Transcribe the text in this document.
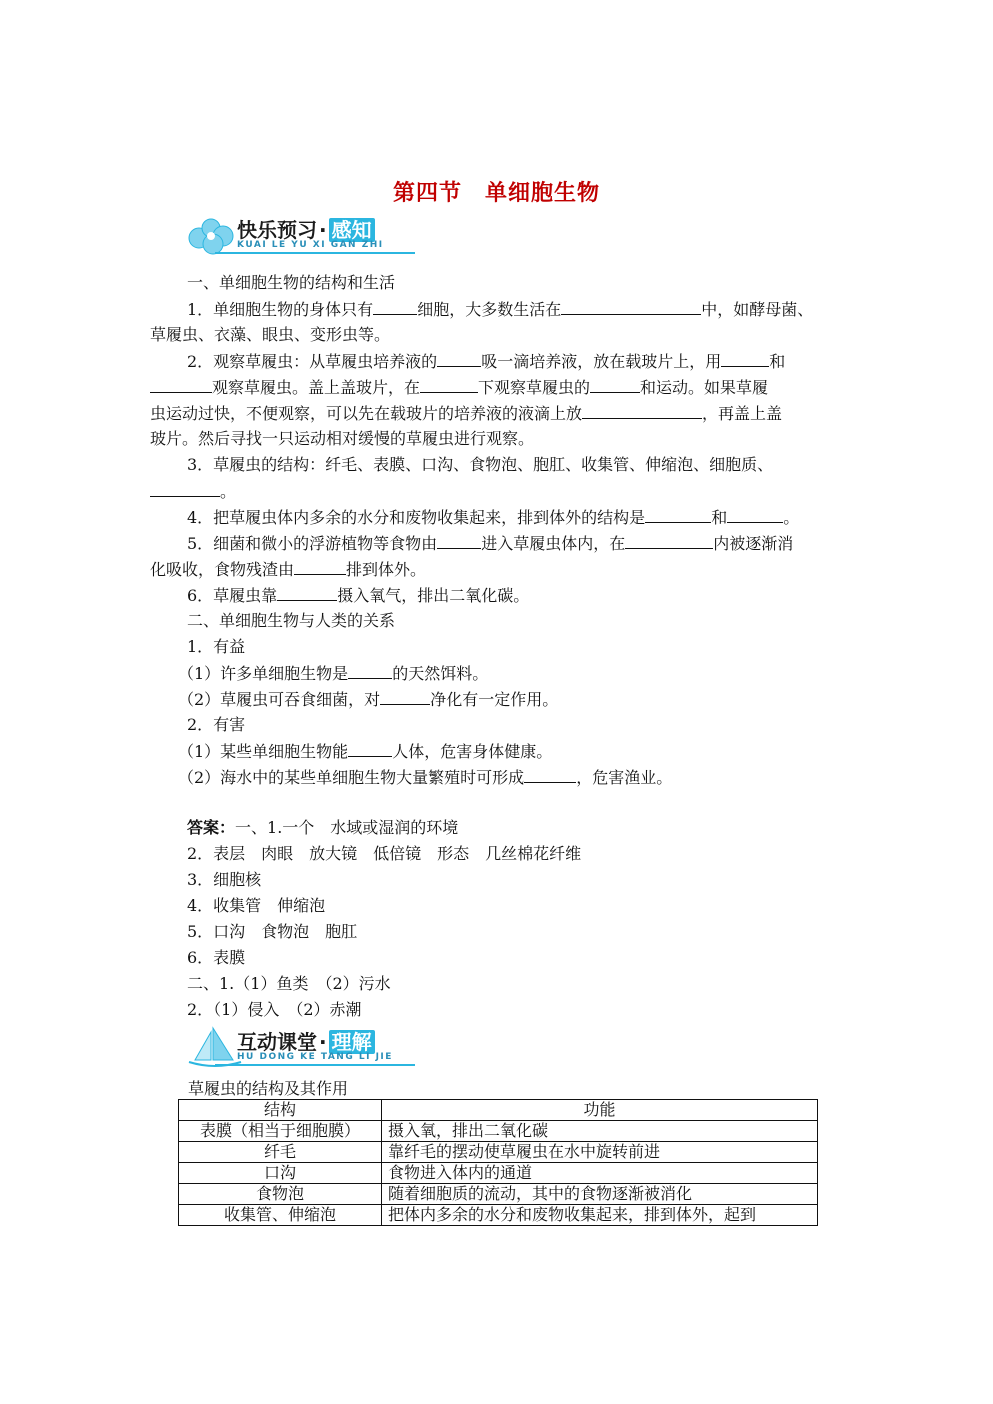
第四节　单细胞生物
快乐预习 · 感知
KUAI LE YU XI GAN ZHI
一、单细胞生物的结构和生活
1．单细胞生物的身体只有	细胞，大多数生活在	中，如酵母菌、
草履虫、衣藻、眼虫、变形虫等。
2．观察草履虫：从草履虫培养液的	吸一滴培养液，放在载玻片上，用	和
观察草履虫。盖上盖玻片，在	下观察草履虫的	和运动。如果草履
虫运动过快，不便观察，可以先在载玻片的培养液的液滴上放	，再盖上盖
玻片。然后寻找一只运动相对缓慢的草履虫进行观察。
3．草履虫的结构：纤毛、表膜、口沟、食物泡、胞肛、收集管、伸缩泡、细胞质、
。
4．把草履虫体内多余的水分和废物收集起来，排到体外的结构是	和	。
5．细菌和微小的浮游植物等食物由	进入草履虫体内，在	内被逐渐消
化吸收，食物残渣由	排到体外。
6．草履虫靠	摄入氧气，排出二氧化碳。
二、单细胞生物与人类的关系
1．有益
（1）许多单细胞生物是	的天然饵料。
（2）草履虫可吞食细菌，对	净化有一定作用。
2．有害
（1）某些单细胞生物能	人体，危害身体健康。
（2）海水中的某些单细胞生物大量繁殖时可形成	，危害渔业。
答案：一、1.一个　水域或湿润的环境
2．表层　肉眼　放大镜　低倍镜　形态　几丝棉花纤维
3．细胞核
4．收集管　伸缩泡
5．口沟　食物泡　胞肛
6．表膜
二、1.（1）鱼类　（2）污水
2．（1）侵入　（2）赤潮
互动课堂 · 理解
HU DONG KE TANG LI JIE
草履虫的结构及其作用
结构	功能
表膜（相当于细胞膜）	摄入氧，排出二氧化碳
纤毛	靠纤毛的摆动使草履虫在水中旋转前进
口沟	食物进入体内的通道
食物泡	随着细胞质的流动，其中的食物逐渐被消化
收集管、伸缩泡	把体内多余的水分和废物收集起来，排到体外，起到
